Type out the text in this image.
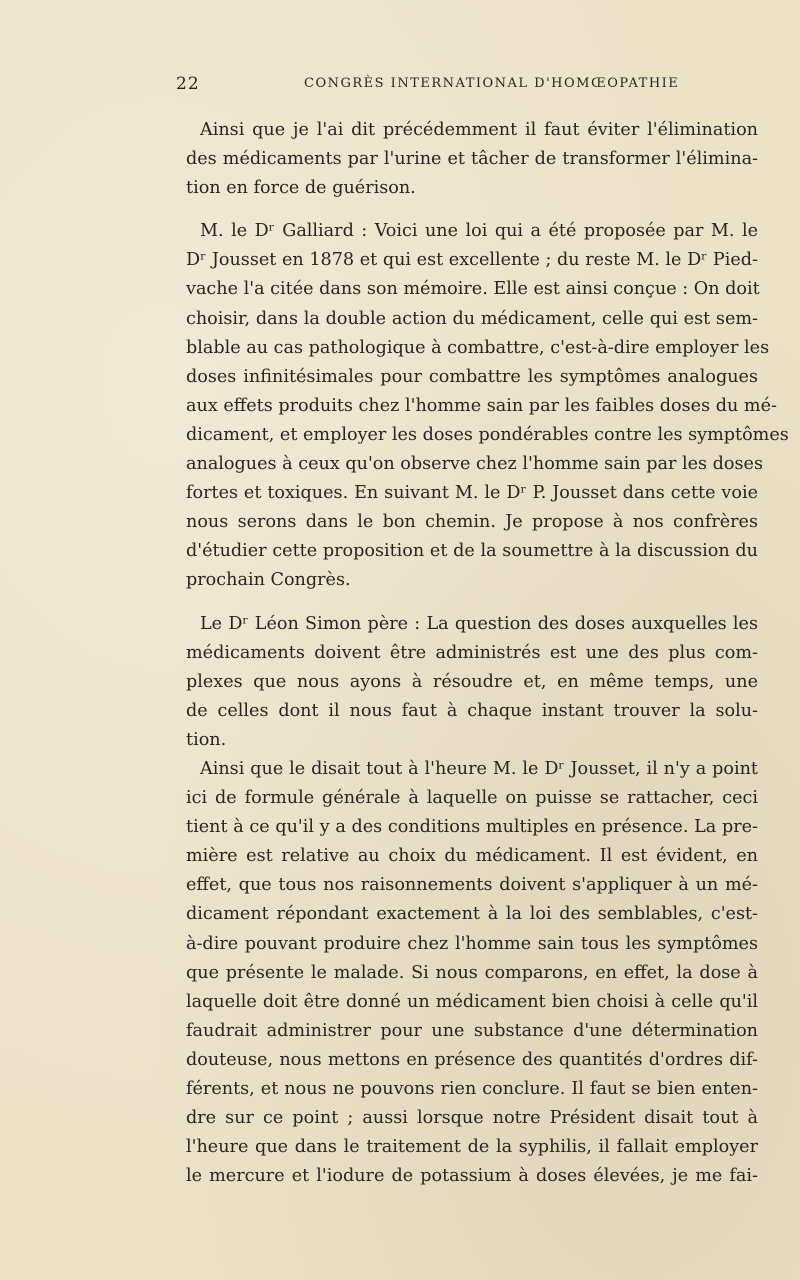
22	CONGRÈS INTERNATIONAL D'HOMŒOPATHIE
Ainsi que je l'ai dit précédemment il faut éviter l'élimination
des médicaments par l'urine et tâcher de transformer l'élimina-
tion en force de guérison.
M. le Dʳ Galliard : Voici une loi qui a été proposée par M. le
Dʳ Jousset en 1878 et qui est excellente ; du reste M. le Dʳ Pied-
vache l'a citée dans son mémoire. Elle est ainsi conçue : On doit
choisir, dans la double action du médicament, celle qui est sem-
blable au cas pathologique à combattre, c'est-à-dire employer les
doses infinitésimales pour combattre les symptômes analogues
aux effets produits chez l'homme sain par les faibles doses du mé-
dicament, et employer les doses pondérables contre les symptômes
analogues à ceux qu'on observe chez l'homme sain par les doses
fortes et toxiques. En suivant M. le Dʳ P. Jousset dans cette voie
nous serons dans le bon chemin. Je propose à nos confrères
d'étudier cette proposition et de la soumettre à la discussion du
prochain Congrès.
Le Dʳ Léon Simon père : La question des doses auxquelles les
médicaments doivent être administrés est une des plus com-
plexes que nous ayons à résoudre et, en même temps, une
de celles dont il nous faut à chaque instant trouver la solu-
tion.
Ainsi que le disait tout à l'heure M. le Dʳ Jousset, il n'y a point
ici de formule générale à laquelle on puisse se rattacher, ceci
tient à ce qu'il y a des conditions multiples en présence. La pre-
mière est relative au choix du médicament. Il est évident, en
effet, que tous nos raisonnements doivent s'appliquer à un mé-
dicament répondant exactement à la loi des semblables, c'est-
à-dire pouvant produire chez l'homme sain tous les symptômes
que présente le malade. Si nous comparons, en effet, la dose à
laquelle doit être donné un médicament bien choisi à celle qu'il
faudrait administrer pour une substance d'une détermination
douteuse, nous mettons en présence des quantités d'ordres dif-
férents, et nous ne pouvons rien conclure. Il faut se bien enten-
dre sur ce point ; aussi lorsque notre Président disait tout à
l'heure que dans le traitement de la syphilis, il fallait employer
le mercure et l'iodure de potassium à doses élevées, je me fai-
